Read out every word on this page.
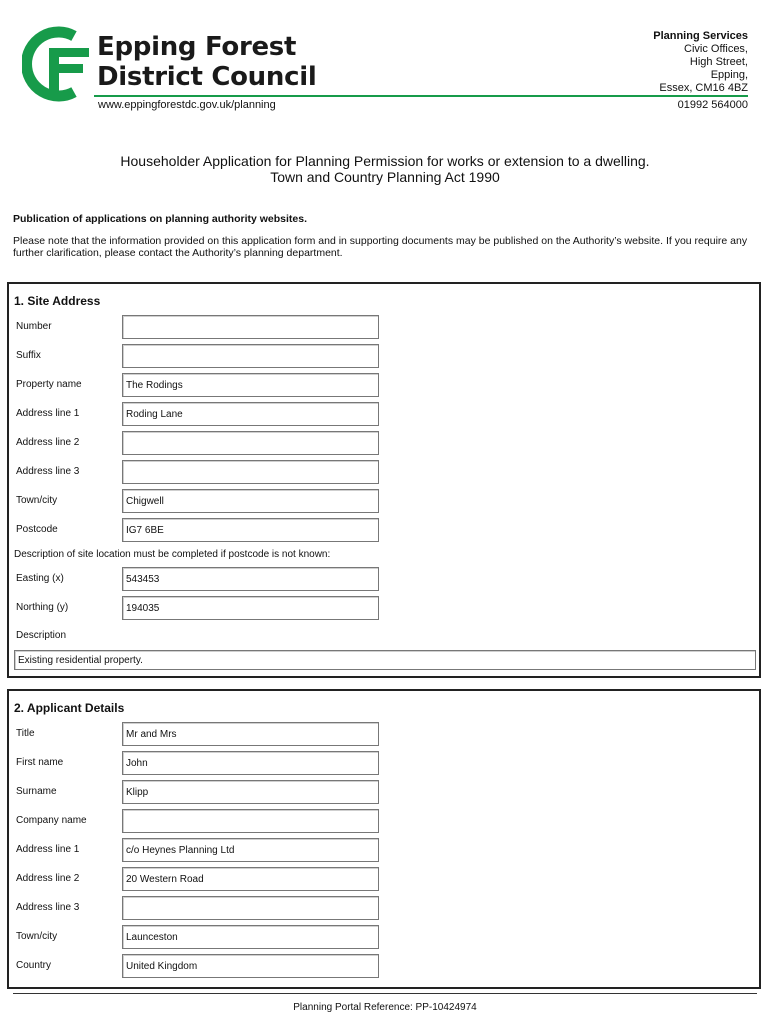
Epping Forest
District Council
www.eppingforestdc.gov.uk/planning
Planning Services
Civic Offices,
High Street,
Epping,
Essex, CM16 4BZ
01992 564000
Householder Application for Planning Permission for works or extension to a dwelling.
Town and Country Planning Act 1990
Publication of applications on planning authority websites.
Please note that the information provided on this application form and in supporting documents may be published on the Authority’s website. If you require any further clarification, please contact the Authority’s planning department.
1. Site Address
Number
Suffix
Property name	The Rodings
Address line 1	Roding Lane
Address line 2
Address line 3
Town/city	Chigwell
Postcode	IG7 6BE
Description of site location must be completed if postcode is not known:
Easting (x)	543453
Northing (y)	194035
Description
Existing residential property.
2. Applicant Details
Title	Mr and Mrs
First name	John
Surname	Klipp
Company name
Address line 1	c/o Heynes Planning Ltd
Address line 2	20 Western Road
Address line 3
Town/city	Launceston
Country	United Kingdom
Planning Portal Reference: PP-10424974
